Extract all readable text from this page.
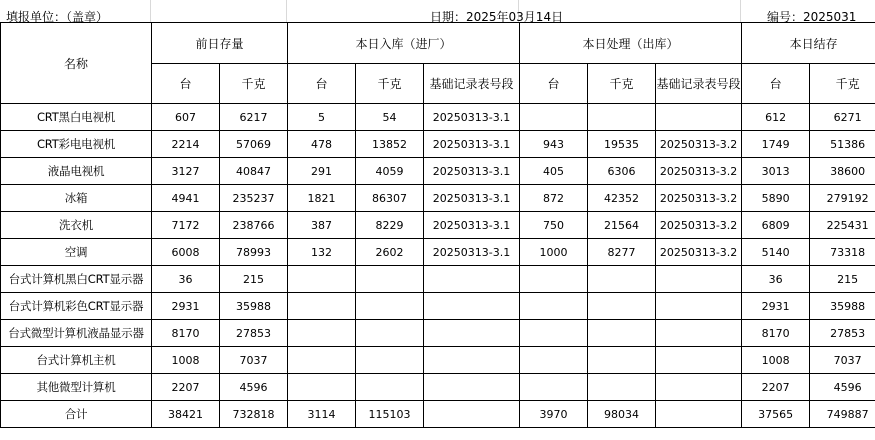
填报单位：（盖章）	日期：2025年03月14日	编号：2025031
名称	前日存量		本日入库（进厂）			本日处理（出库）			本日结存	
	台	千克	台	千克	基础记录表号段	台	千克	基础记录表号段	台	千克
CRT黑白电视机	607	6217	5	54	20250313-3.1				612	6271
CRT彩电电视机	2214	57069	478	13852	20250313-3.1	943	19535	20250313-3.2	1749	51386
液晶电视机	3127	40847	291	4059	20250313-3.1	405	6306	20250313-3.2	3013	38600
冰箱	4941	235237	1821	86307	20250313-3.1	872	42352	20250313-3.2	5890	279192
洗衣机	7172	238766	387	8229	20250313-3.1	750	21564	20250313-3.2	6809	225431
空调	6008	78993	132	2602	20250313-3.1	1000	8277	20250313-3.2	5140	73318
台式计算机黑白CRT显示器	36	215							36	215
台式计算机彩色CRT显示器	2931	35988							2931	35988
台式微型计算机液晶显示器	8170	27853							8170	27853
台式计算机主机	1008	7037							1008	7037
其他微型计算机	2207	4596							2207	4596
合计	38421	732818	3114	115103		3970	98034		37565	749887
